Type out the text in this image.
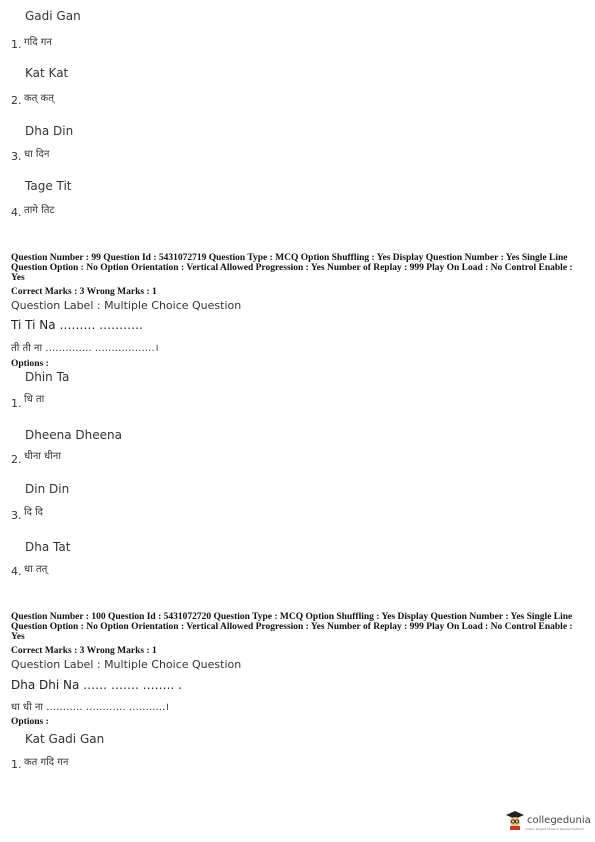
Gadi Gan
1. गदि गन
Kat Kat
2. कत् कत्
Dha Din
3. धा दिन
Tage Tit
4. तागे तिट
Question Number : 99 Question Id : 5431072719 Question Type : MCQ Option Shuffling : Yes Display Question Number : Yes Single Line Question Option : No Option Orientation : Vertical Allowed Progression : Yes Number of Replay : 999 Play On Load : No Control Enable : Yes
Correct Marks : 3 Wrong Marks : 1
Question Label : Multiple Choice Question
Ti Ti Na ……… ………..
ती ती ना ………….. ………………।
Options :
Dhin Ta
1. धि ता
Dheena Dheena
2. धीना धीना
Din Din
3. दि दि
Dha Tat
4. धा तत्
Question Number : 100 Question Id : 5431072720 Question Type : MCQ Option Shuffling : Yes Display Question Number : Yes Single Line Question Option : No Option Orientation : Vertical Allowed Progression : Yes Number of Replay : 999 Play On Load : No Control Enable : Yes
Correct Marks : 3 Wrong Marks : 1
Question Label : Multiple Choice Question
Dha Dhi Na …… ……. …….. .
धा धी ना ……….. ………… ………..।
Options :
Kat Gadi Gan
1. कत गदि गन
collegedunia
India's largest Student Review Platform
